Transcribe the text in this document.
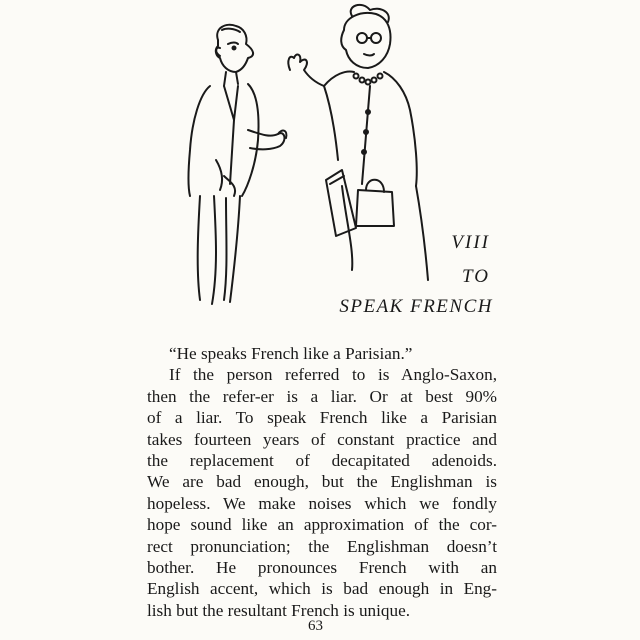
VIII
TO
SPEAK FRENCH

“He speaks French like a Parisian.”

If the person referred to is Anglo-Saxon,
then the refer-er is a liar. Or at best 90%
of a liar. To speak French like a Parisian
takes fourteen years of constant practice and
the replacement of decapitated adenoids.
We are bad enough, but the Englishman is
hopeless. We make noises which we fondly
hope sound like an approximation of the cor-
rect pronunciation; the Englishman doesn’t
bother. He pronounces French with an
English accent, which is bad enough in Eng-
lish but the resultant French is unique.

63
